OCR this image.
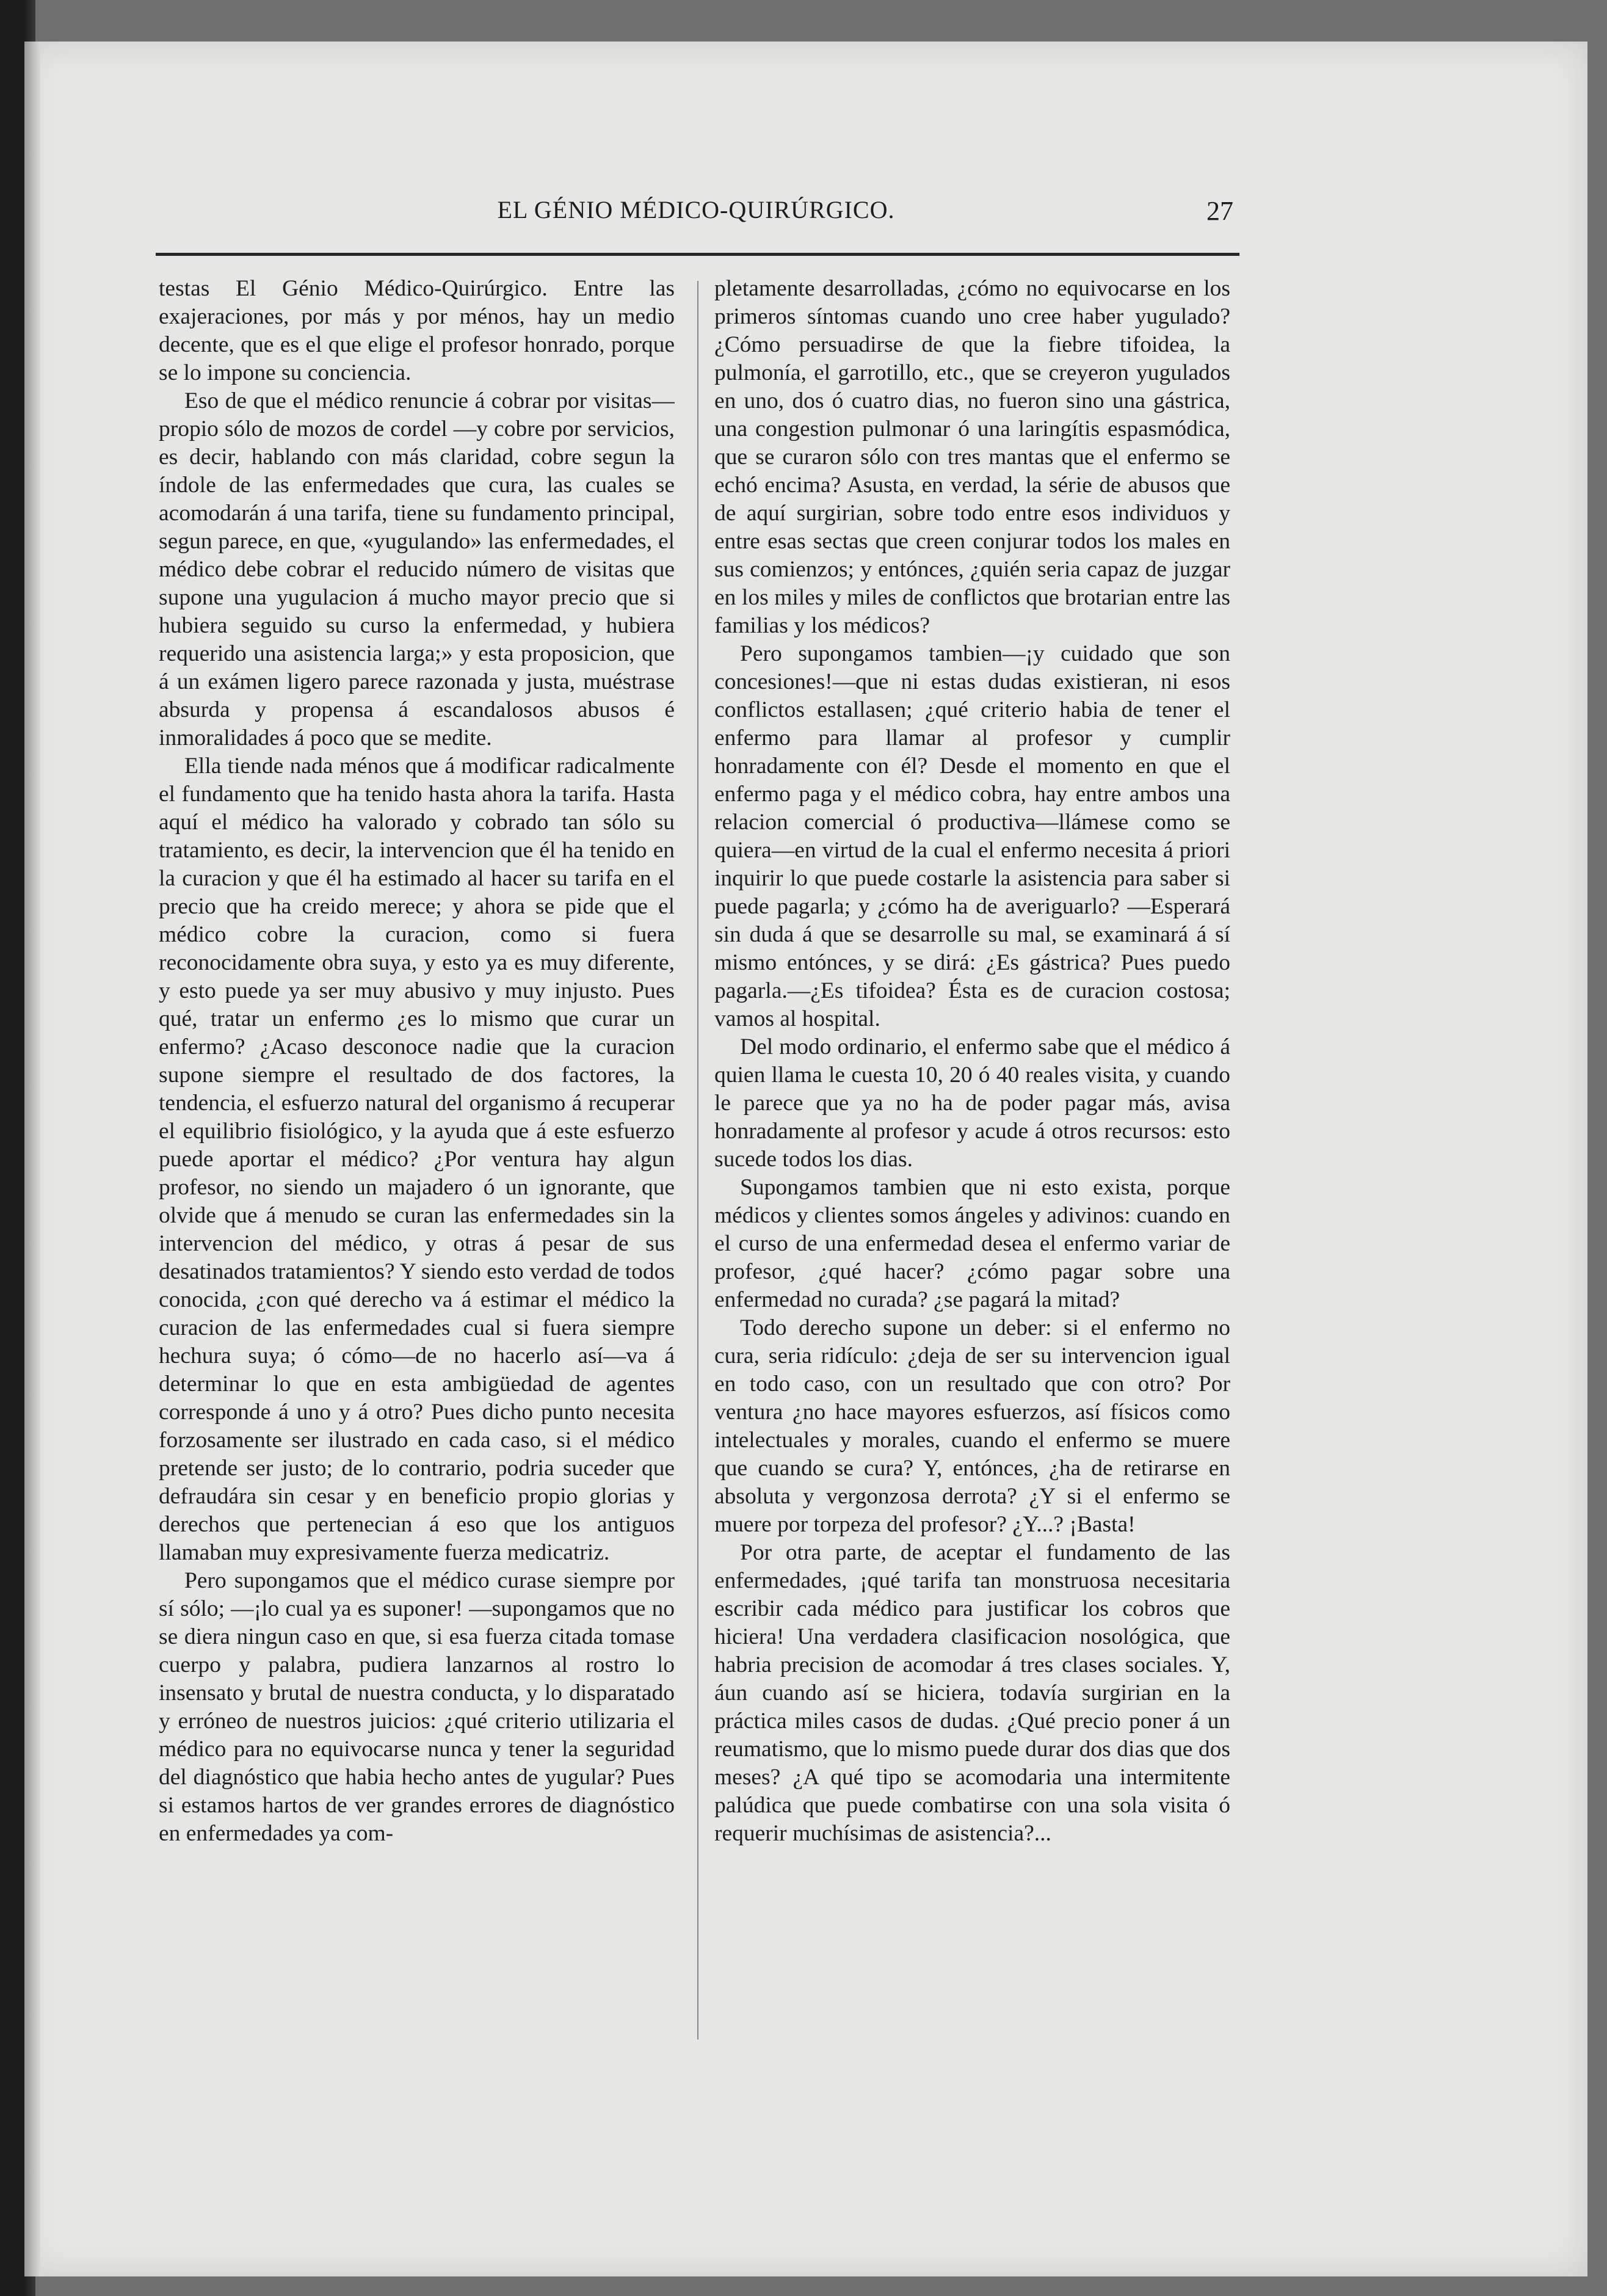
EL GÉNIO MÉDICO-QUIRÚRGICO.	27

testas El Génio Médico-Quirúrgico. Entre las exajeraciones, por más y por ménos, hay un medio decente, que es el que elige el profesor honrado, porque se lo impone su conciencia.

Eso de que el médico renuncie á cobrar por visitas—propio sólo de mozos de cordel —y cobre por servicios, es decir, hablando con más claridad, cobre segun la índole de las enfermedades que cura, las cuales se acomodarán á una tarifa, tiene su fundamento principal, segun parece, en que, «yugulando» las enfermedades, el médico debe cobrar el reducido número de visitas que supone una yugulacion á mucho mayor precio que si hubiera seguido su curso la enfermedad, y hubiera requerido una asistencia larga;» y esta proposicion, que á un exámen ligero parece razonada y justa, muéstrase absurda y propensa á escandalosos abusos é inmoralidades á poco que se medite.

Ella tiende nada ménos que á modificar radicalmente el fundamento que ha tenido hasta ahora la tarifa. Hasta aquí el médico ha valorado y cobrado tan sólo su tratamiento, es decir, la intervencion que él ha tenido en la curacion y que él ha estimado al hacer su tarifa en el precio que ha creido merece; y ahora se pide que el médico cobre la curacion, como si fuera reconocidamente obra suya, y esto ya es muy diferente, y esto puede ya ser muy abusivo y muy injusto. Pues qué, tratar un enfermo ¿es lo mismo que curar un enfermo? ¿Acaso desconoce nadie que la curacion supone siempre el resultado de dos factores, la tendencia, el esfuerzo natural del organismo á recuperar el equilibrio fisiológico, y la ayuda que á este esfuerzo puede aportar el médico? ¿Por ventura hay algun profesor, no siendo un majadero ó un ignorante, que olvide que á menudo se curan las enfermedades sin la intervencion del médico, y otras á pesar de sus desatinados tratamientos? Y siendo esto verdad de todos conocida, ¿con qué derecho va á estimar el médico la curacion de las enfermedades cual si fuera siempre hechura suya; ó cómo—de no hacerlo así—va á determinar lo que en esta ambigüedad de agentes corresponde á uno y á otro? Pues dicho punto necesita forzosamente ser ilustrado en cada caso, si el médico pretende ser justo; de lo contrario, podria suceder que defraudára sin cesar y en beneficio propio glorias y derechos que pertenecian á eso que los antiguos llamaban muy expresivamente fuerza medicatriz.

Pero supongamos que el médico curase siempre por sí sólo; —¡lo cual ya es suponer! —supongamos que no se diera ningun caso en que, si esa fuerza citada tomase cuerpo y palabra, pudiera lanzarnos al rostro lo insensato y brutal de nuestra conducta, y lo disparatado y erróneo de nuestros juicios: ¿qué criterio utilizaria el médico para no equivocarse nunca y tener la seguridad del diagnóstico que habia hecho antes de yugular? Pues si estamos hartos de ver grandes errores de diagnóstico en enfermedades ya com-

pletamente desarrolladas, ¿cómo no equivocarse en los primeros síntomas cuando uno cree haber yugulado? ¿Cómo persuadirse de que la fiebre tifoidea, la pulmonía, el garrotillo, etc., que se creyeron yugulados en uno, dos ó cuatro dias, no fueron sino una gástrica, una congestion pulmonar ó una laringítis espasmódica, que se curaron sólo con tres mantas que el enfermo se echó encima? Asusta, en verdad, la série de abusos que de aquí surgirian, sobre todo entre esos individuos y entre esas sectas que creen conjurar todos los males en sus comienzos; y entónces, ¿quién seria capaz de juzgar en los miles y miles de conflictos que brotarian entre las familias y los médicos?

Pero supongamos tambien—¡y cuidado que son concesiones!—que ni estas dudas existieran, ni esos conflictos estallasen; ¿qué criterio habia de tener el enfermo para llamar al profesor y cumplir honradamente con él? Desde el momento en que el enfermo paga y el médico cobra, hay entre ambos una relacion comercial ó productiva—llámese como se quiera—en virtud de la cual el enfermo necesita á priori inquirir lo que puede costarle la asistencia para saber si puede pagarla; y ¿cómo ha de averiguarlo? —Esperará sin duda á que se desarrolle su mal, se examinará á sí mismo entónces, y se dirá: ¿Es gástrica? Pues puedo pagarla.—¿Es tifoidea? Ésta es de curacion costosa; vamos al hospital.

Del modo ordinario, el enfermo sabe que el médico á quien llama le cuesta 10, 20 ó 40 reales visita, y cuando le parece que ya no ha de poder pagar más, avisa honradamente al profesor y acude á otros recursos: esto sucede todos los dias.

Supongamos tambien que ni esto exista, porque médicos y clientes somos ángeles y adivinos: cuando en el curso de una enfermedad desea el enfermo variar de profesor, ¿qué hacer? ¿cómo pagar sobre una enfermedad no curada? ¿se pagará la mitad?

Todo derecho supone un deber: si el enfermo no cura, seria ridículo: ¿deja de ser su intervencion igual en todo caso, con un resultado que con otro? Por ventura ¿no hace mayores esfuerzos, así físicos como intelectuales y morales, cuando el enfermo se muere que cuando se cura? Y, entónces, ¿ha de retirarse en absoluta y vergonzosa derrota? ¿Y si el enfermo se muere por torpeza del profesor? ¿Y...? ¡Basta!

Por otra parte, de aceptar el fundamento de las enfermedades, ¡qué tarifa tan monstruosa necesitaria escribir cada médico para justificar los cobros que hiciera! Una verdadera clasificacion nosológica, que habria precision de acomodar á tres clases sociales. Y, áun cuando así se hiciera, todavía surgirian en la práctica miles casos de dudas. ¿Qué precio poner á un reumatismo, que lo mismo puede durar dos dias que dos meses? ¿A qué tipo se acomodaria una intermitente palúdica que puede combatirse con una sola visita ó requerir muchísimas de asistencia?...
